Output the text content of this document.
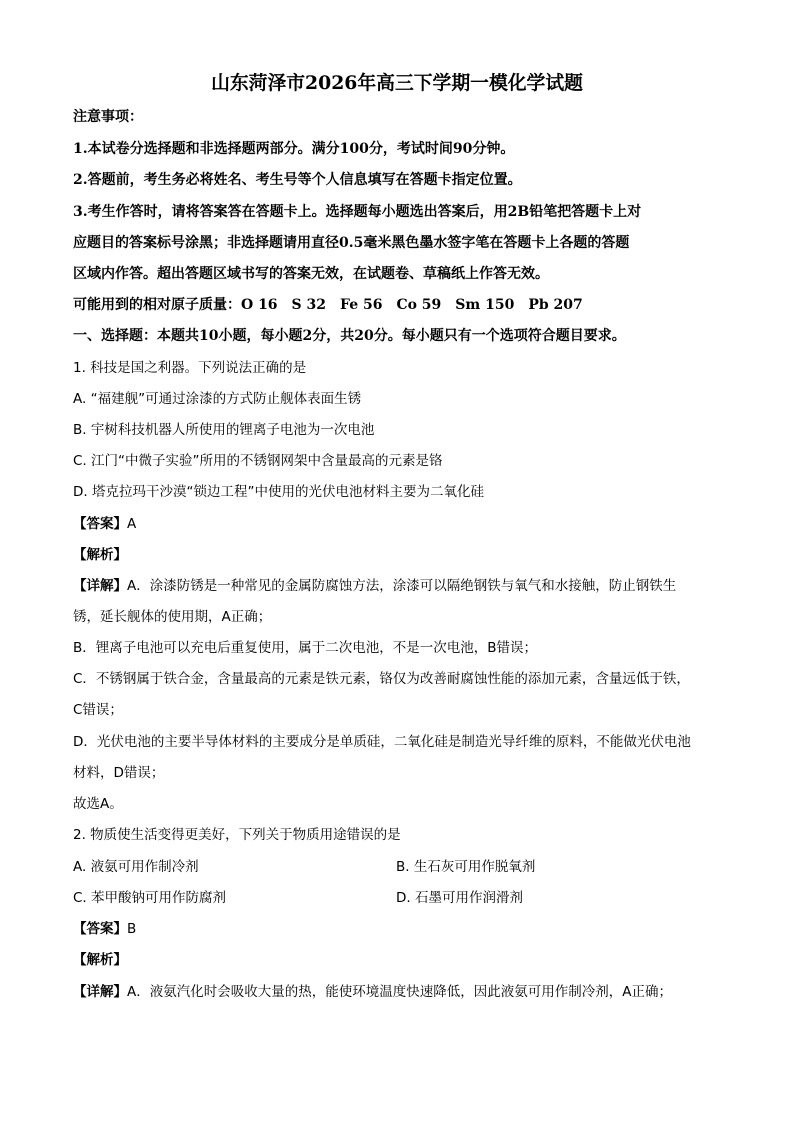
山东菏泽市2026年高三下学期一模化学试题
注意事项：
1.本试卷分选择题和非选择题两部分。满分100分，考试时间90分钟。
2.答题前，考生务必将姓名、考生号等个人信息填写在答题卡指定位置。
3.考生作答时，请将答案答在答题卡上。选择题每小题选出答案后，用2B铅笔把答题卡上对
应题目的答案标号涂黑；非选择题请用直径0.5毫米黑色墨水签字笔在答题卡上各题的答题
区域内作答。超出答题区域书写的答案无效，在试题卷、草稿纸上作答无效。
可能用到的相对原子质量：O 16　S 32　Fe 56　Co 59　Sm 150　Pb 207
一、选择题：本题共10小题，每小题2分，共20分。每小题只有一个选项符合题目要求。
1. 科技是国之利器。下列说法正确的是
A. “福建舰”可通过涂漆的方式防止舰体表面生锈
B. 宇树科技机器人所使用的锂离子电池为一次电池
C. 江门“中微子实验”所用的不锈钢网架中含量最高的元素是铬
D. 塔克拉玛干沙漠“锁边工程”中使用的光伏电池材料主要为二氧化硅
【答案】A
【解析】
【详解】A．涂漆防锈是一种常见的金属防腐蚀方法，涂漆可以隔绝钢铁与氧气和水接触，防止钢铁生
锈，延长舰体的使用期，A正确；
B．锂离子电池可以充电后重复使用，属于二次电池，不是一次电池，B错误；
C．不锈钢属于铁合金，含量最高的元素是铁元素，铬仅为改善耐腐蚀性能的添加元素，含量远低于铁，
C错误；
D．光伏电池的主要半导体材料的主要成分是单质硅，二氧化硅是制造光导纤维的原料，不能做光伏电池
材料，D错误；
故选A。
2. 物质使生活变得更美好，下列关于物质用途错误的是
A. 液氨可用作制冷剂	B. 生石灰可用作脱氧剂
C. 苯甲酸钠可用作防腐剂	D. 石墨可用作润滑剂
【答案】B
【解析】
【详解】A．液氨汽化时会吸收大量的热，能使环境温度快速降低，因此液氨可用作制冷剂，A正确；
